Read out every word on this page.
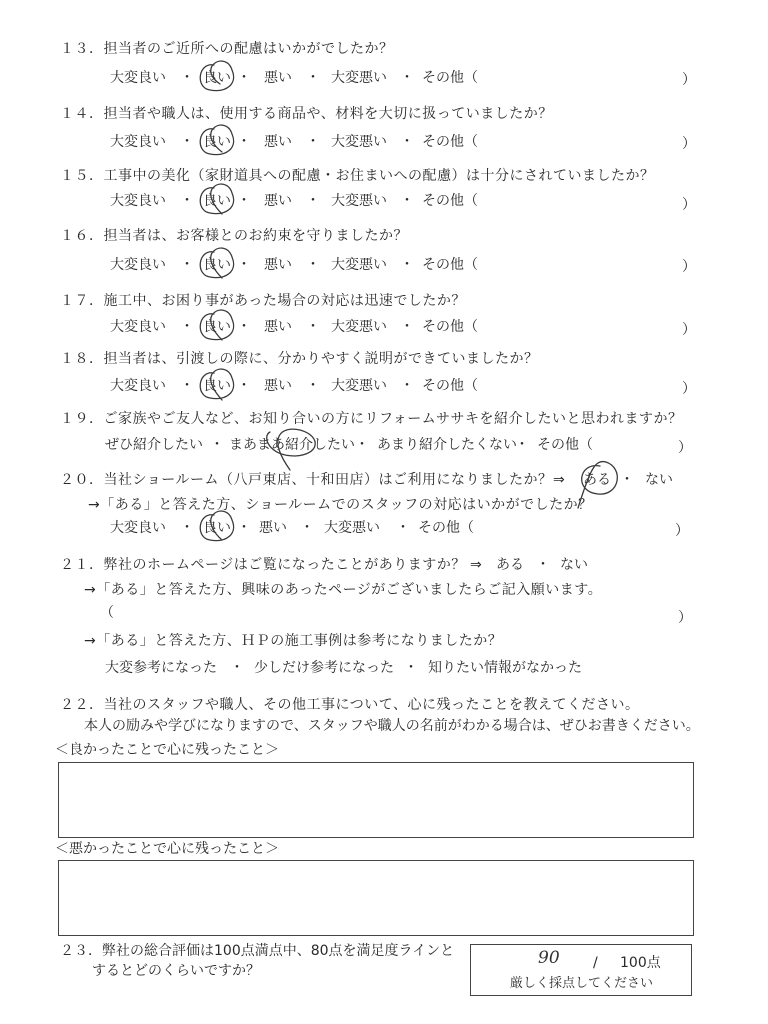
１３．担当者のご近所への配慮はいかがでしたか？
大変良い ・ 良い ・ 悪い ・ 大変悪い ・ その他（	）
１４．担当者や職人は、使用する商品や、材料を大切に扱っていましたか？
大変良い ・ 良い ・ 悪い ・ 大変悪い ・ その他（	）
１５．工事中の美化（家財道具への配慮・お住まいへの配慮）は十分にされていましたか？
大変良い ・ 良い ・ 悪い ・ 大変悪い ・ その他（	）
１６．担当者は、お客様とのお約束を守りましたか？
大変良い ・ 良い ・ 悪い ・ 大変悪い ・ その他（	）
１７．施工中、お困り事があった場合の対応は迅速でしたか？
大変良い ・ 良い ・ 悪い ・ 大変悪い ・ その他（	）
１８．担当者は、引渡しの際に、分かりやすく説明ができていましたか？
大変良い ・ 良い ・ 悪い ・ 大変悪い ・ その他（	）
１９．ご家族やご友人など、お知り合いの方にリフォームササキを紹介したいと思われますか？
ぜひ紹介したい ・ まあまあ紹介したい ・ あまり紹介したくない
・ その他（	）
２０．当社ショールーム（八戸東店、十和田店）はご利用になりましたか？ ⇒ ある ・ ない
→「ある」と答えた方、ショールームでのスタッフの対応はいかがでしたか？
大変良い ・ 良い ・ 悪い ・ 大変悪い ・ その他（	）
２１．弊社のホームページはご覧になったことがありますか？ ⇒ ある ・ ない
→「ある」と答えた方、興味のあったページがございましたらご記入願います。
（	）
→「ある」と答えた方、ＨＰの施工事例は参考になりましたか？
大変参考になった ・ 少しだけ参考になった ・ 知りたい情報がなかった
２２．当社のスタッフや職人、その他工事について、心に残ったことを教えてください。
本人の励みや学びになりますので、スタッフや職人の名前がわかる場合は、ぜひお書きください。
＜良かったことで心に残ったこと＞
＜悪かったことで心に残ったこと＞
２３．弊社の総合評価は100点満点中、80点を満足度ラインと
するとどのくらいですか？
90 / 100点
厳しく採点してください
